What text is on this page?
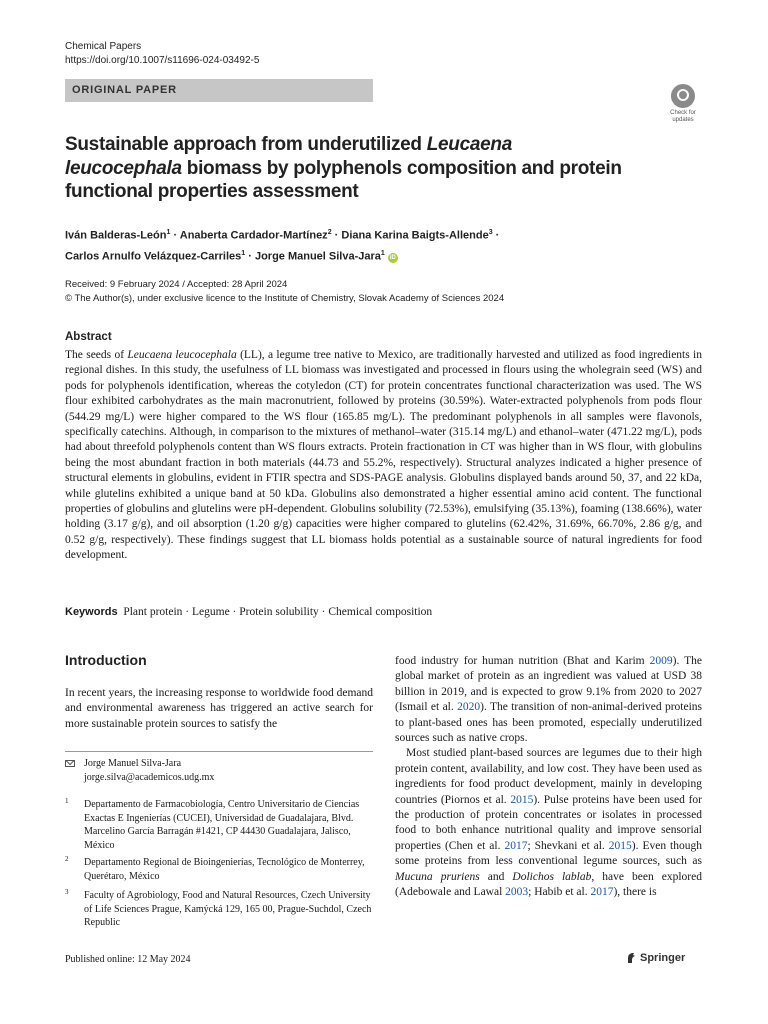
Chemical Papers
https://doi.org/10.1007/s11696-024-03492-5
ORIGINAL PAPER
Check for
updates
Sustainable approach from underutilized Leucaena leucocephala biomass by polyphenols composition and protein functional properties assessment
Iván Balderas-León$^1$ · Anaberta Cardador-Martínez$^2$ · Diana Karina Baigts-Allende$^3$ ·
Carlos Arnulfo Velázquez-Carriles$^1$ · Jorge Manuel Silva-Jara$^1$ iD
Received: 9 February 2024 / Accepted: 28 April 2024
© The Author(s), under exclusive licence to the Institute of Chemistry, Slovak Academy of Sciences 2024
Abstract
The seeds of Leucaena leucocephala (LL), a legume tree native to Mexico, are traditionally harvested and utilized as food ingredients in regional dishes. In this study, the usefulness of LL biomass was investigated and processed in flours using the wholegrain seed (WS) and pods for polyphenols identification, whereas the cotyledon (CT) for protein concentrates functional characterization was used. The WS flour exhibited carbohydrates as the main macronutrient, followed by proteins (30.59%). Water-extracted polyphenols from pods flour (544.29 mg/L) were higher compared to the WS flour (165.85 mg/L). The predominant polyphenols in all samples were flavonols, specifically catechins. Although, in comparison to the mixtures of methanol–water (315.14 mg/L) and ethanol–water (471.22 mg/L), pods had about threefold polyphenols content than WS flours extracts. Protein fractionation in CT was higher than in WS flour, with globulins being the most abundant fraction in both materials (44.73 and 55.2%, respectively). Structural analyzes indicated a higher presence of structural elements in globulins, evident in FTIR spectra and SDS-PAGE analysis. Globulins displayed bands around 50, 37, and 22 kDa, while glutelins exhibited a unique band at 50 kDa. Globulins also demonstrated a higher essential amino acid content. The functional properties of globulins and glutelins were pH-dependent. Globulins solubility (72.53%), emulsifying (35.13%), foaming (138.66%), water holding (3.17 g/g), and oil absorption (1.20 g/g) capacities were higher compared to glutelins (62.42%, 31.69%, 66.70%, 2.86 g/g, and 0.52 g/g, respectively). These findings suggest that LL biomass holds potential as a sustainable source of natural ingredients for food development.
Keywords Plant protein · Legume · Protein solubility · Chemical composition
Introduction
In recent years, the increasing response to worldwide food demand and environmental awareness has triggered an active search for more sustainable protein sources to satisfy the

food industry for human nutrition (Bhat and Karim 2009). The global market of protein as an ingredient was valued at USD 38 billion in 2019, and is expected to grow 9.1% from 2020 to 2027 (Ismail et al. 2020). The transition of non-animal-derived proteins to plant-based ones has been promoted, especially underutilized sources such as native crops.

Most studied plant-based sources are legumes due to their high protein content, availability, and low cost. They have been used as ingredients for food product development, mainly in developing countries (Piornos et al. 2015). Pulse proteins have been used for the production of protein concentrates or isolates in processed food to both enhance nutritional quality and improve sensorial properties (Chen et al. 2017; Shevkani et al. 2015). Even though some proteins from less conventional legume sources, such as Mucuna pruriens and Dolichos lablab, have been explored (Adebowale and Lawal 2003; Habib et al. 2017), there is

Jorge Manuel Silva-Jara
jorge.silva@academicos.udg.mx
1 Departamento de Farmacobiología, Centro Universitario de Ciencias Exactas E Ingenierías (CUCEI), Universidad de Guadalajara, Blvd. Marcelino García Barragán #1421, CP 44430 Guadalajara, Jalisco, México
2 Departamento Regional de Bioingenierías, Tecnológico de Monterrey, Querétaro, México
3 Faculty of Agrobiology, Food and Natural Resources, Czech University of Life Sciences Prague, Kamýcká 129, 165 00, Prague-Suchdol, Czech Republic
Published online: 12 May 2024	Springer
